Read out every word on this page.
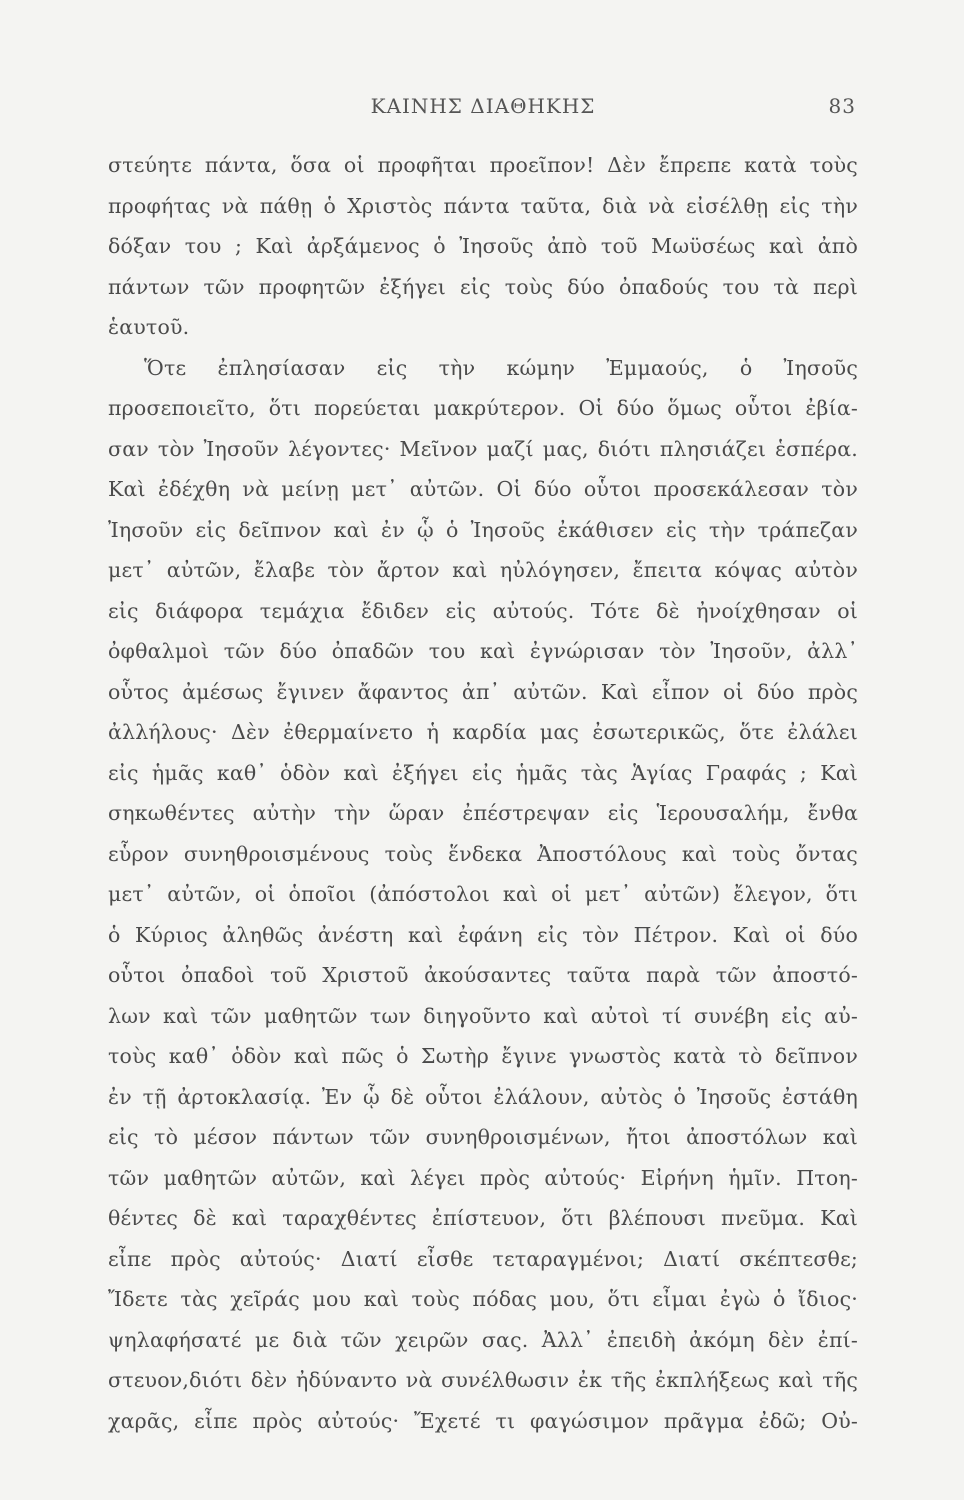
ΚΑΙΝΗΣ ΔΙΑΘΗΚΗΣ	83
στεύητε πάντα, ὅσα οἱ προφῆται προεῖπον! Δὲν ἔπρεπε κατὰ τοὺς
προφήτας νὰ πάθῃ ὁ Χριστὸς πάντα ταῦτα, διὰ νὰ εἰσέλθῃ εἰς τὴν
δόξαν του ; Καὶ ἀρξάμενος ὁ Ἰησοῦς ἀπὸ τοῦ Μωϋσέως καὶ ἀπὸ
πάντων τῶν προφητῶν ἐξήγει εἰς τοὺς δύο ὀπαδούς του τὰ περὶ
ἑαυτοῦ.
Ὅτε ἐπλησίασαν εἰς τὴν κώμην Ἐμμαούς, ὁ Ἰησοῦς
προσεποιεῖτο, ὅτι πορεύεται μακρύτερον. Οἱ δύο ὅμως οὗτοι ἐβία-
σαν τὸν Ἰησοῦν λέγοντες· Μεῖνον μαζί μας, διότι πλησιάζει ἑσπέρα.
Καὶ ἐδέχθη νὰ μείνῃ μετ᾽ αὐτῶν. Οἱ δύο οὗτοι προσεκάλεσαν τὸν
Ἰησοῦν εἰς δεῖπνον καὶ ἐν ᾧ ὁ Ἰησοῦς ἐκάθισεν εἰς τὴν τράπεζαν
μετ᾽ αὐτῶν, ἔλαβε τὸν ἄρτον καὶ ηὐλόγησεν, ἔπειτα κόψας αὐτὸν
εἰς διάφορα τεμάχια ἔδιδεν εἰς αὐτούς. Τότε δὲ ἠνοίχθησαν οἱ
ὀφθαλμοὶ τῶν δύο ὀπαδῶν του καὶ ἐγνώρισαν τὸν Ἰησοῦν, ἀλλ᾽
οὗτος ἀμέσως ἔγινεν ἄφαντος ἀπ᾽ αὐτῶν. Καὶ εἶπον οἱ δύο πρὸς
ἀλλήλους· Δὲν ἐθερμαίνετο ἡ καρδία μας ἐσωτερικῶς, ὅτε ἐλάλει
εἰς ἡμᾶς καθ᾽ ὁδὸν καὶ ἐξήγει εἰς ἡμᾶς τὰς Ἁγίας Γραφάς ; Καὶ
σηκωθέντες αὐτὴν τὴν ὥραν ἐπέστρεψαν εἰς Ἱερουσαλήμ, ἔνθα
εὗρον συνηθροισμένους τοὺς ἕνδεκα Ἀποστόλους καὶ τοὺς ὄντας
μετ᾽ αὐτῶν, οἱ ὁποῖοι (ἀπόστολοι καὶ οἱ μετ᾽ αὐτῶν) ἔλεγον, ὅτι
ὁ Κύριος ἀληθῶς ἀνέστη καὶ ἐφάνη εἰς τὸν Πέτρον. Καὶ οἱ δύο
οὗτοι ὀπαδοὶ τοῦ Χριστοῦ ἀκούσαντες ταῦτα παρὰ τῶν ἀποστό-
λων καὶ τῶν μαθητῶν των διηγοῦντο καὶ αὐτοὶ τί συνέβη εἰς αὐ-
τοὺς καθ᾽ ὁδὸν καὶ πῶς ὁ Σωτὴρ ἔγινε γνωστὸς κατὰ τὸ δεῖπνον
ἐν τῇ ἀρτοκλασίᾳ. Ἐν ᾧ δὲ οὗτοι ἐλάλουν, αὐτὸς ὁ Ἰησοῦς ἐστάθη
εἰς τὸ μέσον πάντων τῶν συνηθροισμένων, ἤτοι ἀποστόλων καὶ
τῶν μαθητῶν αὐτῶν, καὶ λέγει πρὸς αὐτούς· Εἰρήνη ἡμῖν. Πτοη-
θέντες δὲ καὶ ταραχθέντες ἐπίστευον, ὅτι βλέπουσι πνεῦμα. Καὶ
εἶπε πρὸς αὐτούς· Διατί εἶσθε τεταραγμένοι; Διατί σκέπτεσθε;
Ἴδετε τὰς χεῖράς μου καὶ τοὺς πόδας μου, ὅτι εἶμαι ἐγὼ ὁ ἴδιος·
ψηλαφήσατέ με διὰ τῶν χειρῶν σας. Ἀλλ᾽ ἐπειδὴ ἀκόμη δὲν ἐπί-
στευον,διότι δὲν ἠδύναντο νὰ συνέλθωσιν ἐκ τῆς ἐκπλήξεως καὶ τῆς
χαρᾶς, εἶπε πρὸς αὐτούς· Ἔχετέ τι φαγώσιμον πρᾶγμα ἐδῶ; Οὐ-
